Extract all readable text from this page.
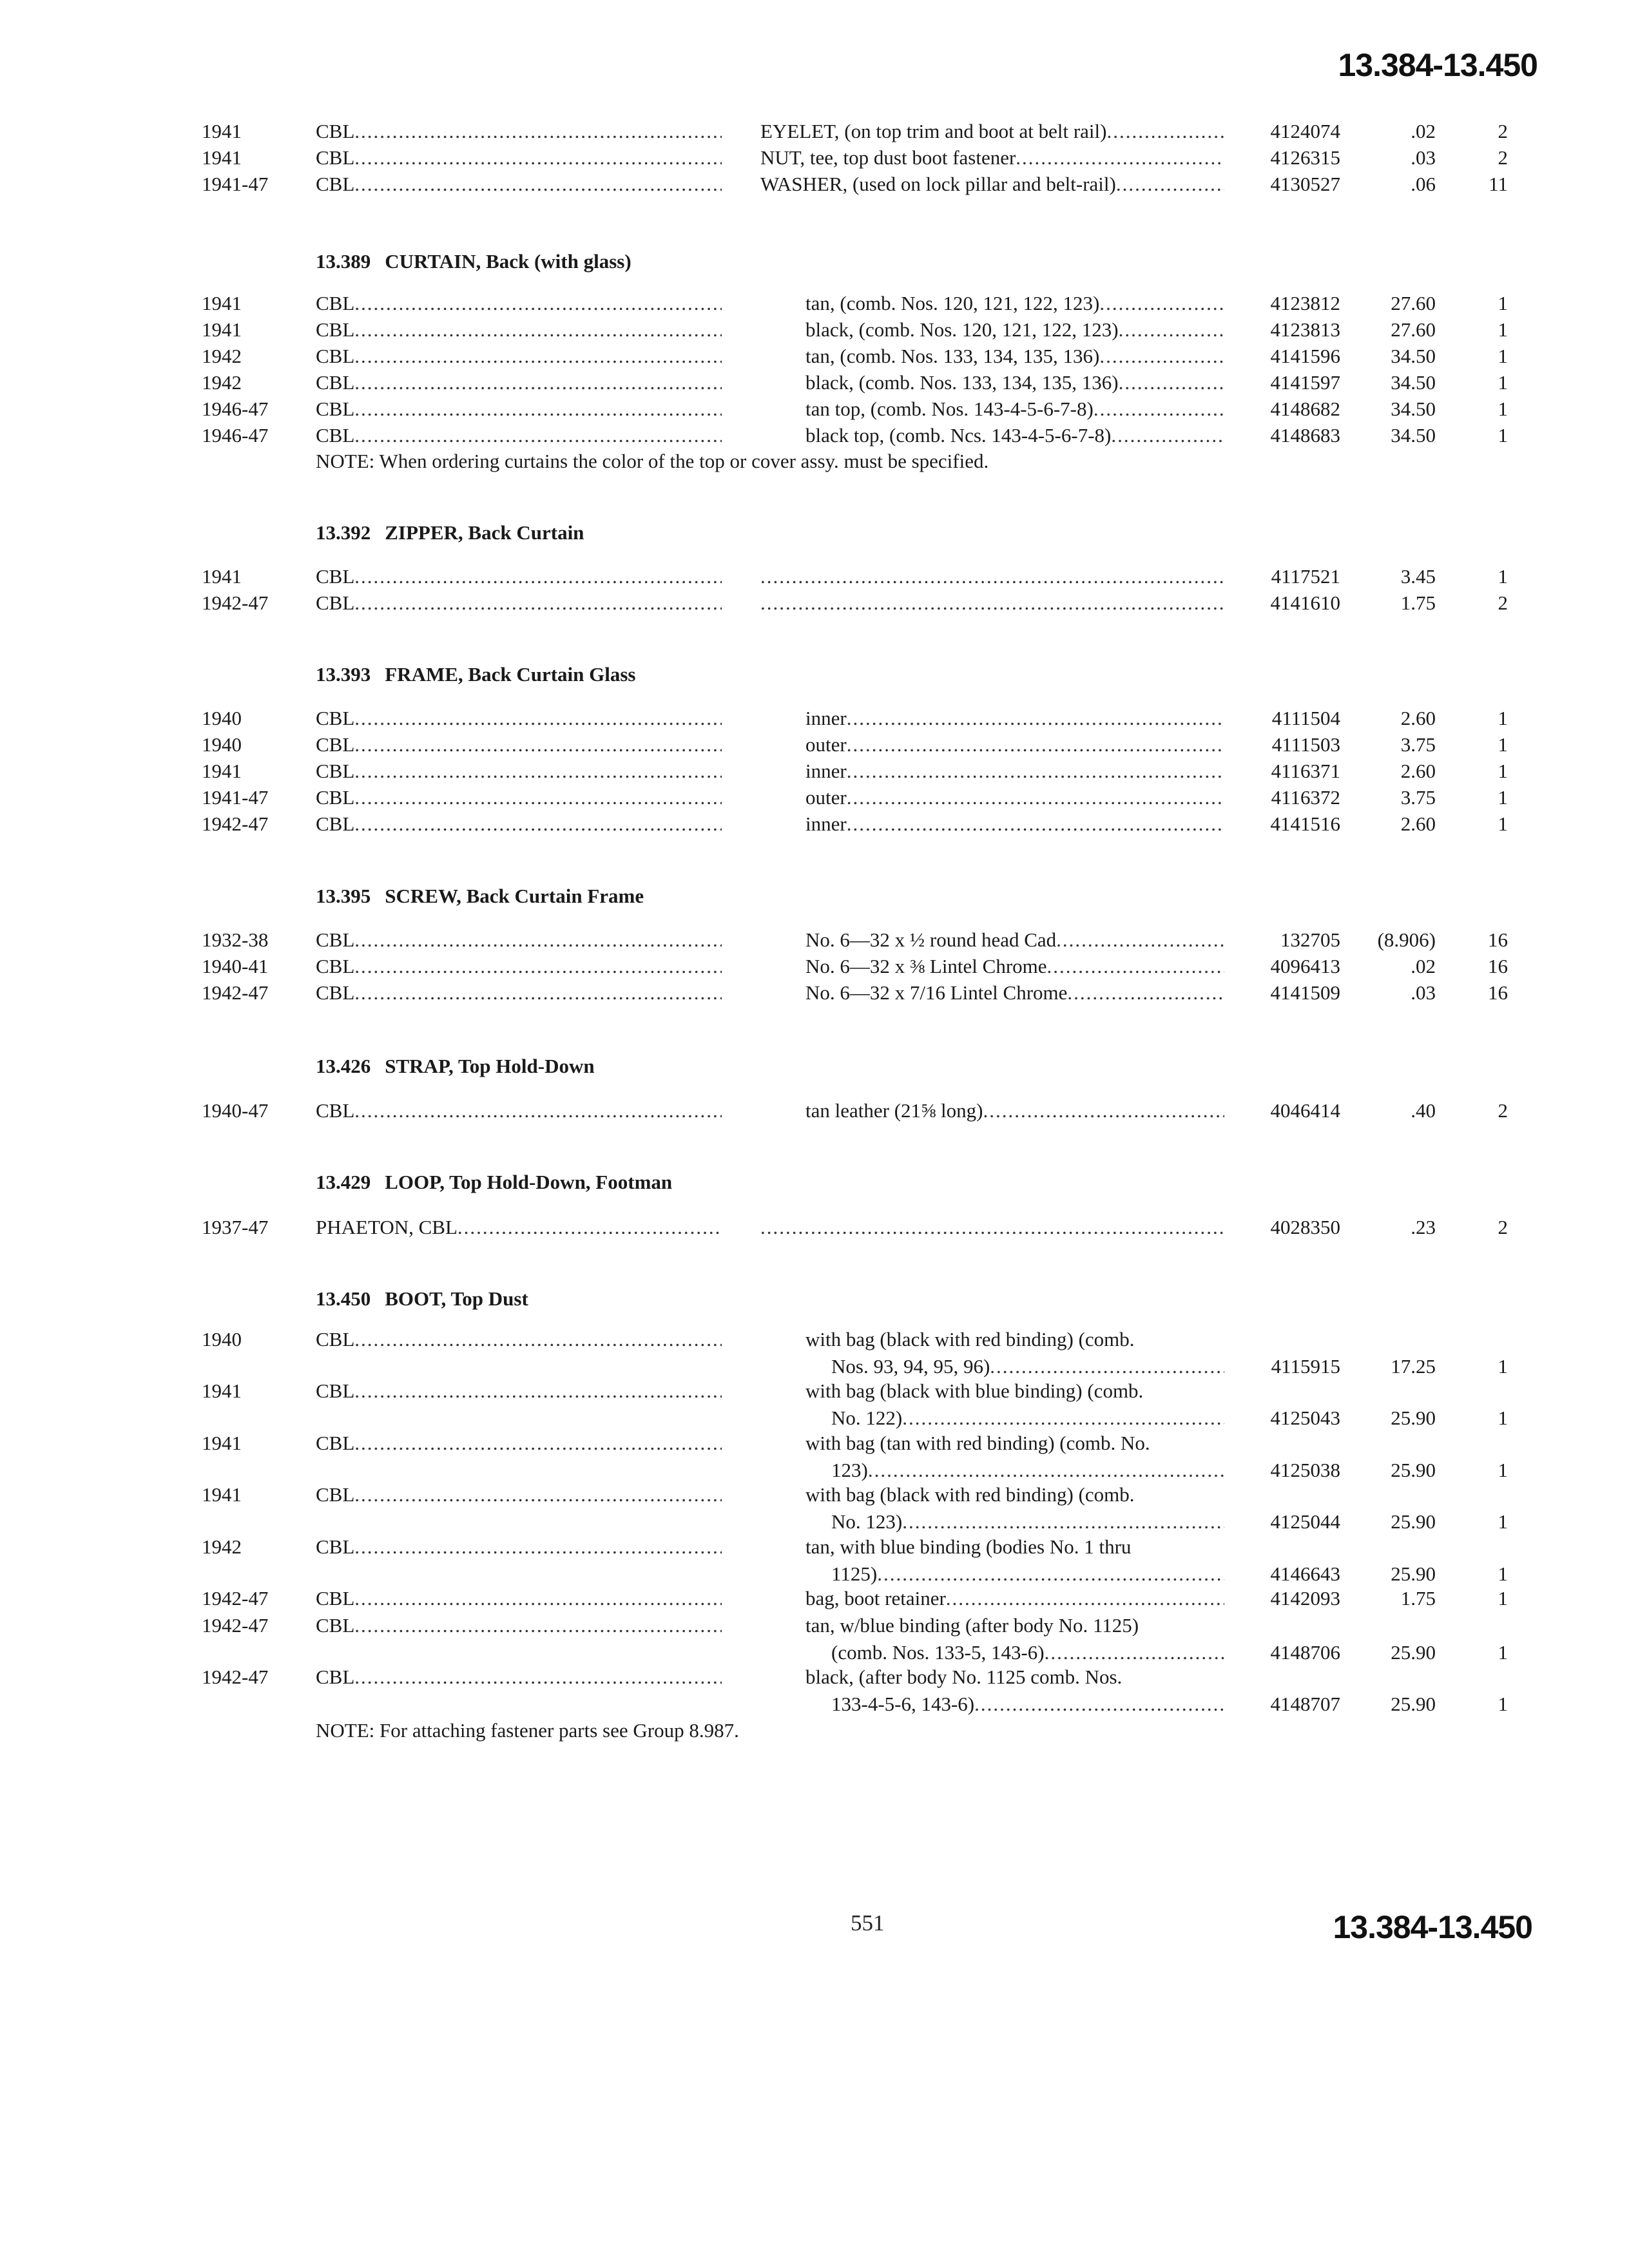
13.384-13.450
1941	CBL .....	EYELET, (on top trim and boot at belt rail) .....	4124074	.02	2
1941	CBL .....	NUT, tee, top dust boot fastener .....	4126315	.03	2
1941-47 CBL .....	WASHER, (used on lock pillar and belt-rail) .....	4130527	.06	11
13.389 CURTAIN, Back (with glass)
1941	CBL .....	tan, (comb. Nos. 120, 121, 122, 123) .....	4123812	27.60	1
1941	CBL .....	black, (comb. Nos. 120, 121, 122, 123) .....	4123813	27.60	1
1942	CBL .....	tan, (comb. Nos. 133, 134, 135, 136) .....	4141596	34.50	1
1942	CBL .....	black, (comb. Nos. 133, 134, 135, 136) .....	4141597	34.50	1
1946-47 CBL .....	tan top, (comb. Nos. 143-4-5-6-7-8) .....	4148682	34.50	1
1946-47 CBL .....	black top, (comb. Ncs. 143-4-5-6-7-8) .....	4148683	34.50	1
NOTE: When ordering curtains the color of the top or cover assy. must be specified.
13.392 ZIPPER, Back Curtain
1941	CBL ..... .....	4117521	3.45	1
1942-47 CBL ..... .....	4141610	1.75	2
13.393 FRAME, Back Curtain Glass
1940	CBL .....	inner .....	4111504	2.60	1
1940	CBL .....	outer .....	4111503	3.75	1
1941	CBL .....	inner .....	4116371	2.60	1
1941-47 CBL .....	outer .....	4116372	3.75	1
1942-47 CBL .....	inner .....	4141516	2.60	1
13.395 SCREW, Back Curtain Frame
1932-38 CBL .....	No. 6—32 x ½ round head Cad .....	132705 (8.906)	16
1940-41 CBL .....	No. 6—32 x ⅜ Lintel Chrome .....	4096413	.02	16
1942-47 CBL .....	No. 6—32 x 7/16 Lintel Chrome .....	4141509	.03	16
13.426 STRAP, Top Hold-Down
1940-47 CBL .....	tan leather (21⅝ long) .....	4046414	.40	2
13.429 LOOP, Top Hold-Down, Footman
1937-47 PHAETON, CBL ..... .....	4028350	.23	2
13.450 BOOT, Top Dust
1940	CBL .....	with bag (black with red binding) (comb.
Nos. 93, 94, 95, 96) .....	4115915	17.25	1
1941	CBL .....	with bag (black with blue binding) (comb.
No. 122) .....	4125043	25.90	1
1941	CBL .....	with bag (tan with red binding) (comb. No.
123) .....	4125038	25.90	1
1941	CBL .....	with bag (black with red binding) (comb.
No. 123) .....	4125044	25.90	1
1942	CBL .....	tan, with blue binding (bodies No. 1 thru
1125) .....	4146643	25.90	1
1942-47 CBL .....	bag, boot retainer .....	4142093	1.75	1
1942-47 CBL .....	tan, w/blue binding (after body No. 1125)
(comb. Nos. 133-5, 143-6) .....	4148706	25.90	1
1942-47 CBL .....	black, (after body No. 1125 comb. Nos.
133-4-5-6, 143-6) .....	4148707	25.90	1
NOTE: For attaching fastener parts see Group 8.987.
551	13.384-13.450
